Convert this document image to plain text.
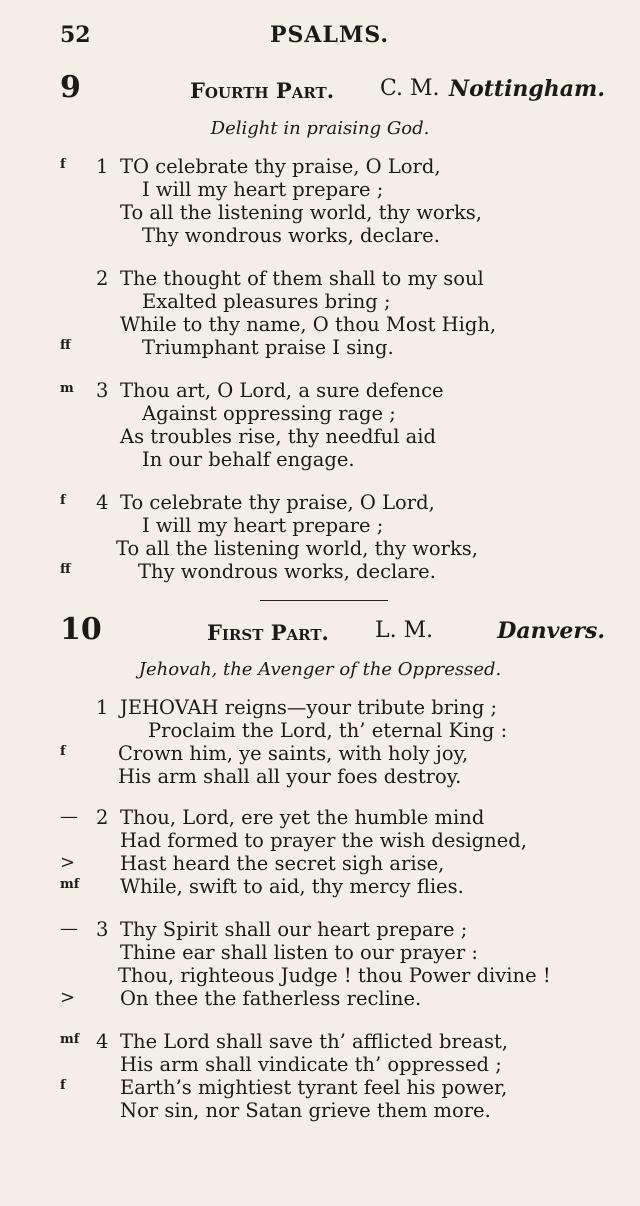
52	PSALMS.
9	Fourth Part. C. M. Nottingham.
Delight in praising God.
f 1 TO celebrate thy praise, O Lord,
I will my heart prepare ;
To all the listening world, thy works,
Thy wondrous works, declare.
2 The thought of them shall to my soul
Exalted pleasures bring ;
While to thy name, O thou Most High,
ff	Triumphant praise I sing.
m 3 Thou art, O Lord, a sure defence
Against oppressing rage ;
As troubles rise, thy needful aid
In our behalf engage.
f 4 To celebrate thy praise, O Lord,
I will my heart prepare ;
To all the listening world, thy works,
ff	Thy wondrous works, declare.
10	First Part. L. M.	Danvers.
Jehovah, the Avenger of the Oppressed.
1 JEHOVAH reigns—your tribute bring ;
Proclaim the Lord, th’ eternal King :
f	Crown him, ye saints, with holy joy,
His arm shall all your foes destroy.
— 2 Thou, Lord, ere yet the humble mind
Had formed to prayer the wish designed,
> Hast heard the secret sigh arise,
mf While, swift to aid, thy mercy flies.
— 3 Thy Spirit shall our heart prepare ;
Thine ear shall listen to our prayer :
Thou, righteous Judge ! thou Power divine !
> On thee the fatherless recline.
mf 4 The Lord shall save th’ afflicted breast,
His arm shall vindicate th’ oppressed ;
f	Earth’s mightiest tyrant feel his power,
Nor sin, nor Satan grieve them more.
